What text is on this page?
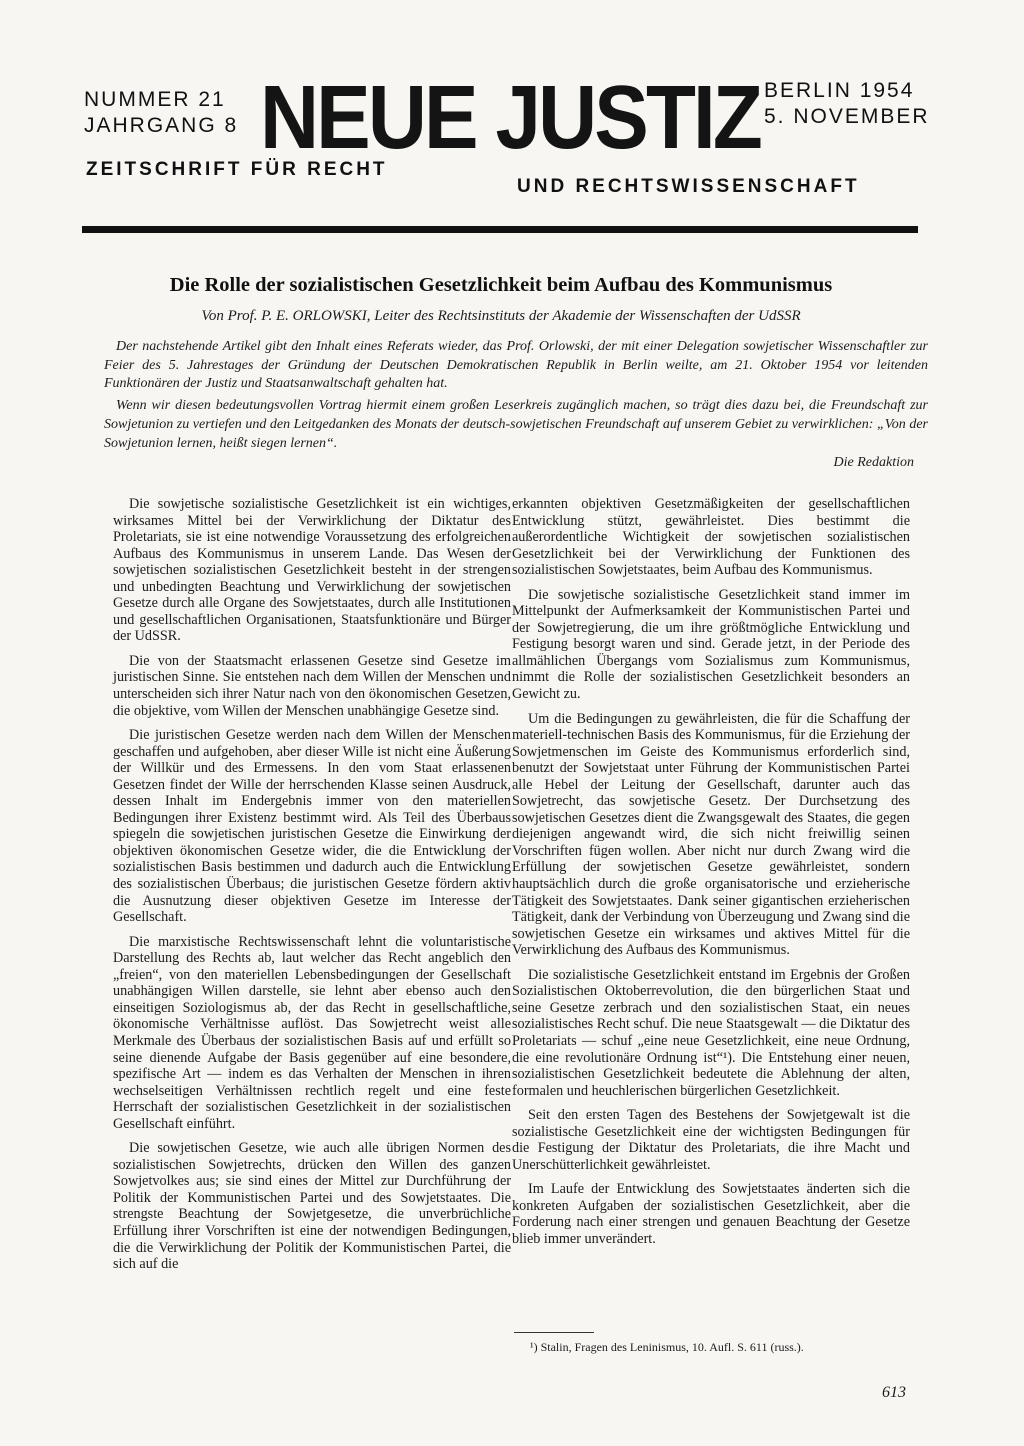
NUMMER 21
JAHRGANG 8 NEUE JUSTIZ BERLIN 1954
5. NOVEMBER
ZEITSCHRIFT FÜR RECHT
UND RECHTSWISSENSCHAFT
Die Rolle der sozialistischen Gesetzlichkeit beim Aufbau des Kommunismus
Von Prof. P. E. ORLOWSKI, Leiter des Rechtsinstituts der Akademie der Wissenschaften der UdSSR

Der nachstehende Artikel gibt den Inhalt eines Referats wieder, das Prof. Orlowski, der mit einer Delegation sowjetischer Wissenschaftler zur Feier des 5. Jahrestages der Gründung der Deutschen Demokratischen Republik in Berlin weilte, am 21. Oktober 1954 vor leitenden Funktionären der Justiz und Staatsanwaltschaft gehalten hat.

Wenn wir diesen bedeutungsvollen Vortrag hiermit einem großen Leserkreis zugänglich machen, so trägt dies dazu bei, die Freundschaft zur Sowjetunion zu vertiefen und den Leitgedanken des Monats der deutsch-sowjetischen Freundschaft auf unserem Gebiet zu verwirklichen: „Von der Sowjetunion lernen, heißt siegen lernen“.

Die Redaktion

Die sowjetische sozialistische Gesetzlichkeit ist ein wichtiges, wirksames Mittel bei der Verwirklichung der Diktatur des Proletariats, sie ist eine notwendige Voraussetzung des erfolgreichen Aufbaus des Kommunismus in unserem Lande. Das Wesen der sowjetischen sozialistischen Gesetzlichkeit besteht in der strengen und unbedingten Beachtung und Verwirklichung der sowjetischen Gesetze durch alle Organe des Sowjetstaates, durch alle Institutionen und gesellschaftlichen Organisationen, Staatsfunktionäre und Bürger der UdSSR.

Die von der Staatsmacht erlassenen Gesetze sind Gesetze im juristischen Sinne. Sie entstehen nach dem Willen der Menschen und unterscheiden sich ihrer Natur nach von den ökonomischen Gesetzen, die objektive, vom Willen der Menschen unabhängige Gesetze sind.

Die juristischen Gesetze werden nach dem Willen der Menschen geschaffen und aufgehoben, aber dieser Wille ist nicht eine Äußerung der Willkür und des Ermessens. In den vom Staat erlassenen Gesetzen findet der Wille der herrschenden Klasse seinen Ausdruck, dessen Inhalt im Endergebnis immer von den materiellen Bedingungen ihrer Existenz bestimmt wird. Als Teil des Überbaus spiegeln die sowjetischen juristischen Gesetze die Einwirkung der objektiven ökonomischen Gesetze wider, die die Entwicklung der sozialistischen Basis bestimmen und dadurch auch die Entwicklung des sozialistischen Überbaus; die juristischen Gesetze fördern aktiv die Ausnutzung dieser objektiven Gesetze im Interesse der Gesellschaft.

Die marxistische Rechtswissenschaft lehnt die voluntaristische Darstellung des Rechts ab, laut welcher das Recht angeblich den „freien“, von den materiellen Lebensbedingungen der Gesellschaft unabhängigen Willen darstelle, sie lehnt aber ebenso auch den einseitigen Soziologismus ab, der das Recht in gesellschaftliche, ökonomische Verhältnisse auflöst. Das Sowjetrecht weist alle Merkmale des Überbaus der sozialistischen Basis auf und erfüllt so seine dienende Aufgabe der Basis gegenüber auf eine besondere, spezifische Art — indem es das Verhalten der Menschen in ihren wechselseitigen Verhältnissen rechtlich regelt und eine feste Herrschaft der sozialistischen Gesetzlichkeit in der sozialistischen Gesellschaft einführt.

Die sowjetischen Gesetze, wie auch alle übrigen Normen des sozialistischen Sowjetrechts, drücken den Willen des ganzen Sowjetvolkes aus; sie sind eines der Mittel zur Durchführung der Politik der Kommunistischen Partei und des Sowjetstaates. Die strengste Beachtung der Sowjetgesetze, die unverbrüchliche Erfüllung ihrer Vorschriften ist eine der notwendigen Bedingungen, die die Verwirklichung der Politik der Kommunistischen Partei, die sich auf die

erkannten objektiven Gesetzmäßigkeiten der gesellschaftlichen Entwicklung stützt, gewährleistet. Dies bestimmt die außerordentliche Wichtigkeit der sowjetischen sozialistischen Gesetzlichkeit bei der Verwirklichung der Funktionen des sozialistischen Sowjetstaates, beim Aufbau des Kommunismus.

Die sowjetische sozialistische Gesetzlichkeit stand immer im Mittelpunkt der Aufmerksamkeit der Kommunistischen Partei und der Sowjetregierung, die um ihre größtmögliche Entwicklung und Festigung besorgt waren und sind. Gerade jetzt, in der Periode des allmählichen Übergangs vom Sozialismus zum Kommunismus, nimmt die Rolle der sozialistischen Gesetzlichkeit besonders an Gewicht zu.

Um die Bedingungen zu gewährleisten, die für die Schaffung der materiell-technischen Basis des Kommunismus, für die Erziehung der Sowjetmenschen im Geiste des Kommunismus erforderlich sind, benutzt der Sowjetstaat unter Führung der Kommunistischen Partei alle Hebel der Leitung der Gesellschaft, darunter auch das Sowjetrecht, das sowjetische Gesetz. Der Durchsetzung des sowjetischen Gesetzes dient die Zwangsgewalt des Staates, die gegen diejenigen angewandt wird, die sich nicht freiwillig seinen Vorschriften fügen wollen. Aber nicht nur durch Zwang wird die Erfüllung der sowjetischen Gesetze gewährleistet, sondern hauptsächlich durch die große organisatorische und erzieherische Tätigkeit des Sowjetstaates. Dank seiner gigantischen erzieherischen Tätigkeit, dank der Verbindung von Überzeugung und Zwang sind die sowjetischen Gesetze ein wirksames und aktives Mittel für die Verwirklichung des Aufbaus des Kommunismus.

Die sozialistische Gesetzlichkeit entstand im Ergebnis der Großen Sozialistischen Oktoberrevolution, die den bürgerlichen Staat und seine Gesetze zerbrach und den sozialistischen Staat, ein neues sozialistisches Recht schuf. Die neue Staatsgewalt — die Diktatur des Proletariats — schuf „eine neue Gesetzlichkeit, eine neue Ordnung, die eine revolutionäre Ordnung ist“¹). Die Entstehung einer neuen, sozialistischen Gesetzlichkeit bedeutete die Ablehnung der alten, formalen und heuchlerischen bürgerlichen Gesetzlichkeit.

Seit den ersten Tagen des Bestehens der Sowjetgewalt ist die sozialistische Gesetzlichkeit eine der wichtigsten Bedingungen für die Festigung der Diktatur des Proletariats, die ihre Macht und Unerschütterlichkeit gewährleistet.

Im Laufe der Entwicklung des Sowjetstaates änderten sich die konkreten Aufgaben der sozialistischen Gesetzlichkeit, aber die Forderung nach einer strengen und genauen Beachtung der Gesetze blieb immer unverändert.

¹) Stalin, Fragen des Leninismus, 10. Aufl. S. 611 (russ.).
613
